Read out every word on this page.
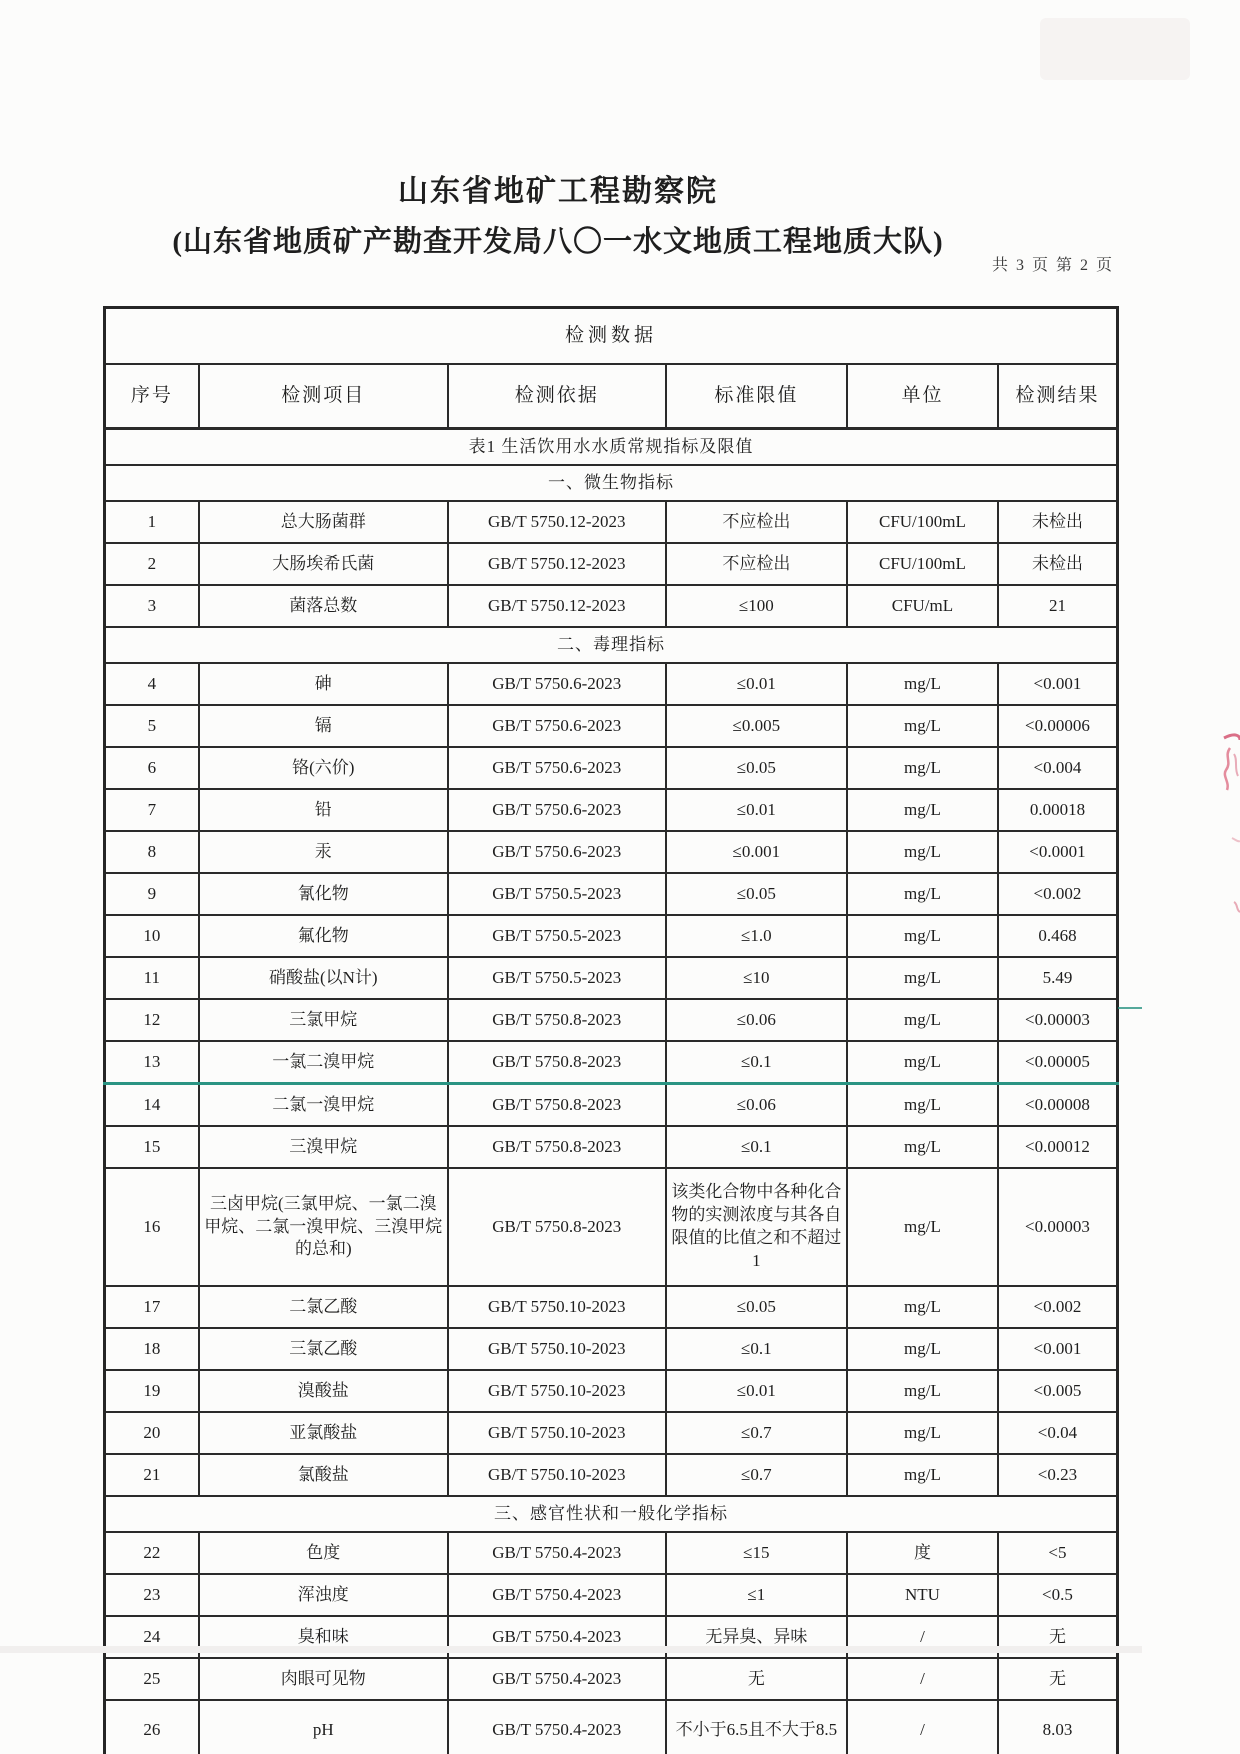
山东省地矿工程勘察院
(山东省地质矿产勘查开发局八〇一水文地质工程地质大队)
共 3 页 第 2 页
检测数据					
序号	检测项目	检测依据	标准限值	单位	检测结果
表1 生活饮用水水质常规指标及限值					
一、微生物指标					
1	总大肠菌群	GB/T 5750.12-2023	不应检出	CFU/100mL	未检出
2	大肠埃希氏菌	GB/T 5750.12-2023	不应检出	CFU/100mL	未检出
3	菌落总数	GB/T 5750.12-2023	≤100	CFU/mL	21
二、毒理指标					
4	砷	GB/T 5750.6-2023	≤0.01	mg/L	<0.001
5	镉	GB/T 5750.6-2023	≤0.005	mg/L	<0.00006
6	铬(六价)	GB/T 5750.6-2023	≤0.05	mg/L	<0.004
7	铅	GB/T 5750.6-2023	≤0.01	mg/L	0.00018
8	汞	GB/T 5750.6-2023	≤0.001	mg/L	<0.0001
9	氰化物	GB/T 5750.5-2023	≤0.05	mg/L	<0.002
10	氟化物	GB/T 5750.5-2023	≤1.0	mg/L	0.468
11	硝酸盐(以N计)	GB/T 5750.5-2023	≤10	mg/L	5.49
12	三氯甲烷	GB/T 5750.8-2023	≤0.06	mg/L	<0.00003
13	一氯二溴甲烷	GB/T 5750.8-2023	≤0.1	mg/L	<0.00005
14	二氯一溴甲烷	GB/T 5750.8-2023	≤0.06	mg/L	<0.00008
15	三溴甲烷	GB/T 5750.8-2023	≤0.1	mg/L	<0.00012
16	三卤甲烷(三氯甲烷、一氯二溴甲烷、二氯一溴甲烷、三溴甲烷的总和)	GB/T 5750.8-2023	该类化合物中各种化合物的实测浓度与其各自限值的比值之和不超过1	mg/L	<0.00003
17	二氯乙酸	GB/T 5750.10-2023	≤0.05	mg/L	<0.002
18	三氯乙酸	GB/T 5750.10-2023	≤0.1	mg/L	<0.001
19	溴酸盐	GB/T 5750.10-2023	≤0.01	mg/L	<0.005
20	亚氯酸盐	GB/T 5750.10-2023	≤0.7	mg/L	<0.04
21	氯酸盐	GB/T 5750.10-2023	≤0.7	mg/L	<0.23
三、感官性状和一般化学指标					
22	色度	GB/T 5750.4-2023	≤15	度	<5
23	浑浊度	GB/T 5750.4-2023	≤1	NTU	<0.5
24	臭和味	GB/T 5750.4-2023	无异臭、异味	/	无
25	肉眼可见物	GB/T 5750.4-2023	无	/	无
26	pH	GB/T 5750.4-2023	不小于6.5且不大于8.5	/	8.03
